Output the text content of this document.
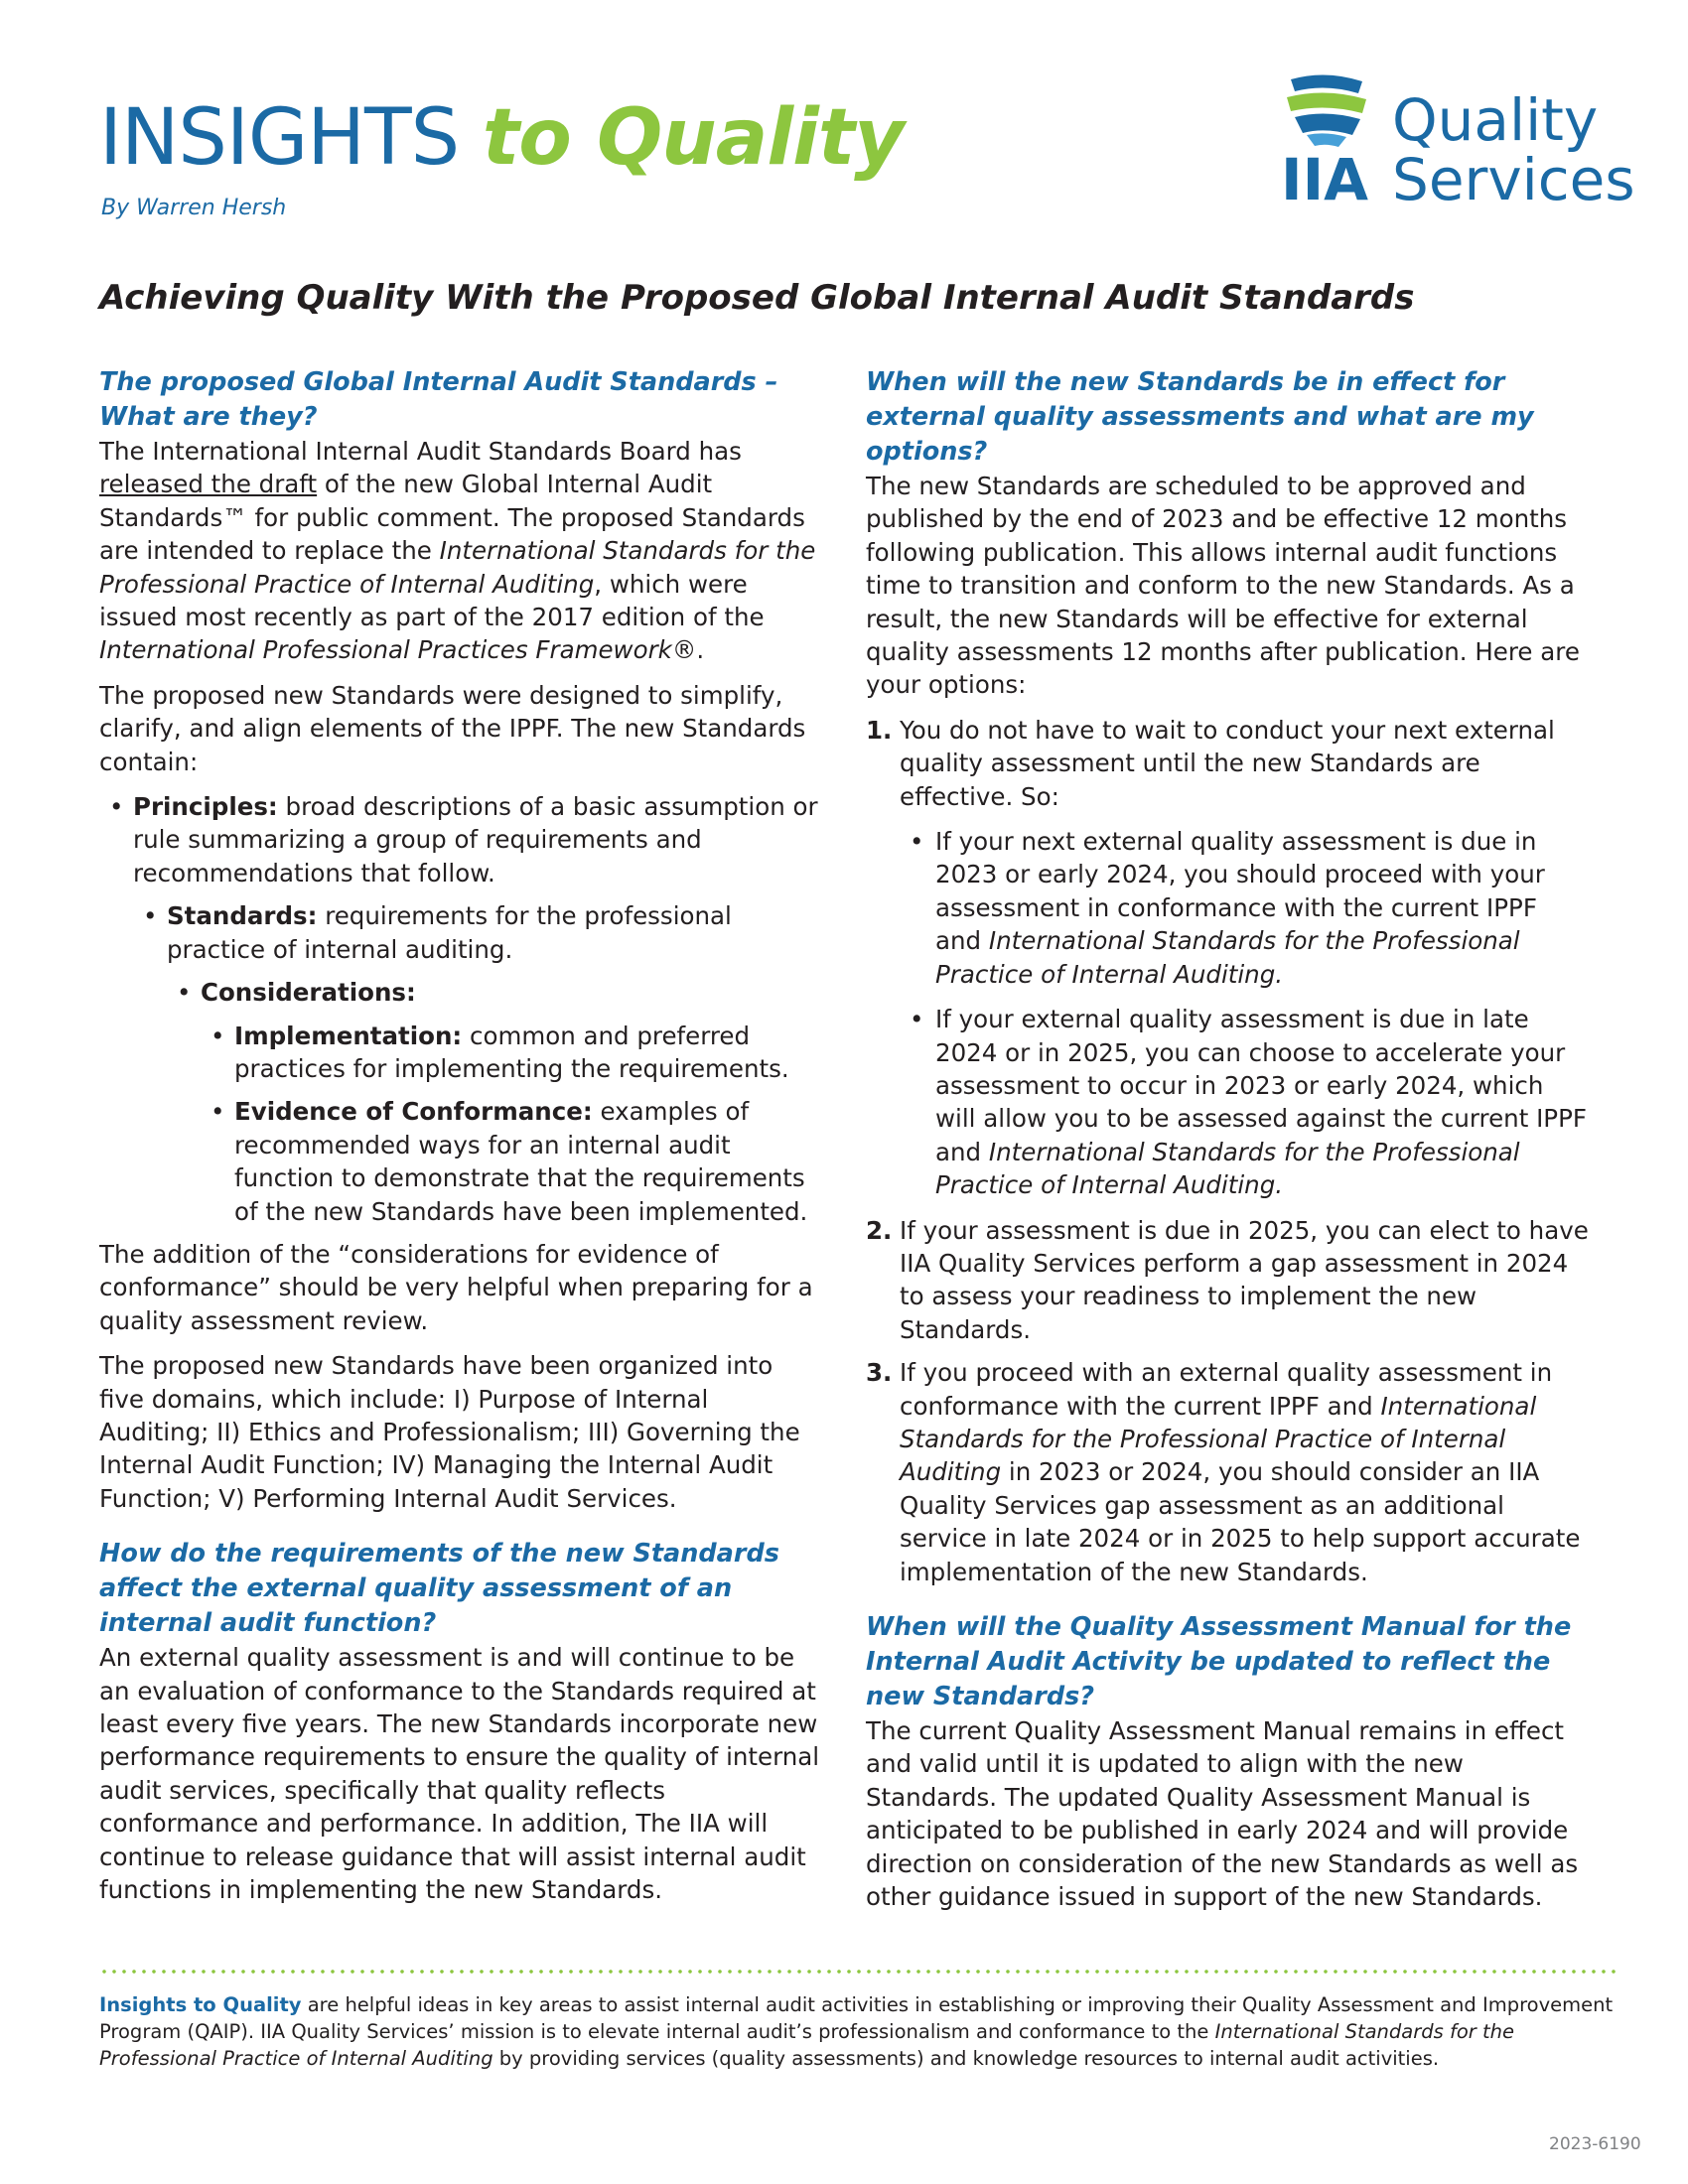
INSIGHTS to Quality
By Warren Hersh
Quality
IIA Services
Achieving Quality With the Proposed Global Internal Audit Standards
The proposed Global Internal Audit Standards – What are they?

The International Internal Audit Standards Board has released the draft of the new Global Internal Audit Standards™ for public comment. The proposed Standards are intended to replace the International Standards for the Professional Practice of Internal Auditing, which were issued most recently as part of the 2017 edition of the International Professional Practices Framework®.

The proposed new Standards were designed to simplify, clarify, and align elements of the IPPF. The new Standards contain:

• Principles: broad descriptions of a basic assumption or rule summarizing a group of requirements and recommendations that follow.
• Standards: requirements for the professional practice of internal auditing.
• Considerations:
• Implementation: common and preferred practices for implementing the requirements.
• Evidence of Conformance: examples of recommended ways for an internal audit function to demonstrate that the requirements of the new Standards have been implemented.

The addition of the “considerations for evidence of conformance” should be very helpful when preparing for a quality assessment review.

The proposed new Standards have been organized into five domains, which include: I) Purpose of Internal Auditing; II) Ethics and Professionalism; III) Governing the Internal Audit Function; IV) Managing the Internal Audit Function; V) Performing Internal Audit Services.

How do the requirements of the new Standards affect the external quality assessment of an internal audit function?

An external quality assessment is and will continue to be an evaluation of conformance to the Standards required at least every five years. The new Standards incorporate new performance requirements to ensure the quality of internal audit services, specifically that quality reflects conformance and performance. In addition, The IIA will continue to release guidance that will assist internal audit functions in implementing the new Standards.

When will the new Standards be in effect for external quality assessments and what are my options?

The new Standards are scheduled to be approved and published by the end of 2023 and be effective 12 months following publication. This allows internal audit functions time to transition and conform to the new Standards. As a result, the new Standards will be effective for external quality assessments 12 months after publication. Here are your options:

1. You do not have to wait to conduct your next external quality assessment until the new Standards are effective. So:
• If your next external quality assessment is due in 2023 or early 2024, you should proceed with your assessment in conformance with the current IPPF and International Standards for the Professional Practice of Internal Auditing.
• If your external quality assessment is due in late 2024 or in 2025, you can choose to accelerate your assessment to occur in 2023 or early 2024, which will allow you to be assessed against the current IPPF and International Standards for the Professional Practice of Internal Auditing.
2. If your assessment is due in 2025, you can elect to have IIA Quality Services perform a gap assessment in 2024 to assess your readiness to implement the new Standards.
3. If you proceed with an external quality assessment in conformance with the current IPPF and International Standards for the Professional Practice of Internal Auditing in 2023 or 2024, you should consider an IIA Quality Services gap assessment as an additional service in late 2024 or in 2025 to help support accurate implementation of the new Standards.
When will the Quality Assessment Manual for the Internal Audit Activity be updated to reflect the new Standards?

The current Quality Assessment Manual remains in effect and valid until it is updated to align with the new Standards. The updated Quality Assessment Manual is anticipated to be published in early 2024 and will provide direction on consideration of the new Standards as well as other guidance issued in support of the new Standards.

Insights to Quality are helpful ideas in key areas to assist internal audit activities in establishing or improving their Quality Assessment and Improvement Program (QAIP). IIA Quality Services’ mission is to elevate internal audit’s professionalism and conformance to the International Standards for the Professional Practice of Internal Auditing by providing services (quality assessments) and knowledge resources to internal audit activities.
2023-6190
